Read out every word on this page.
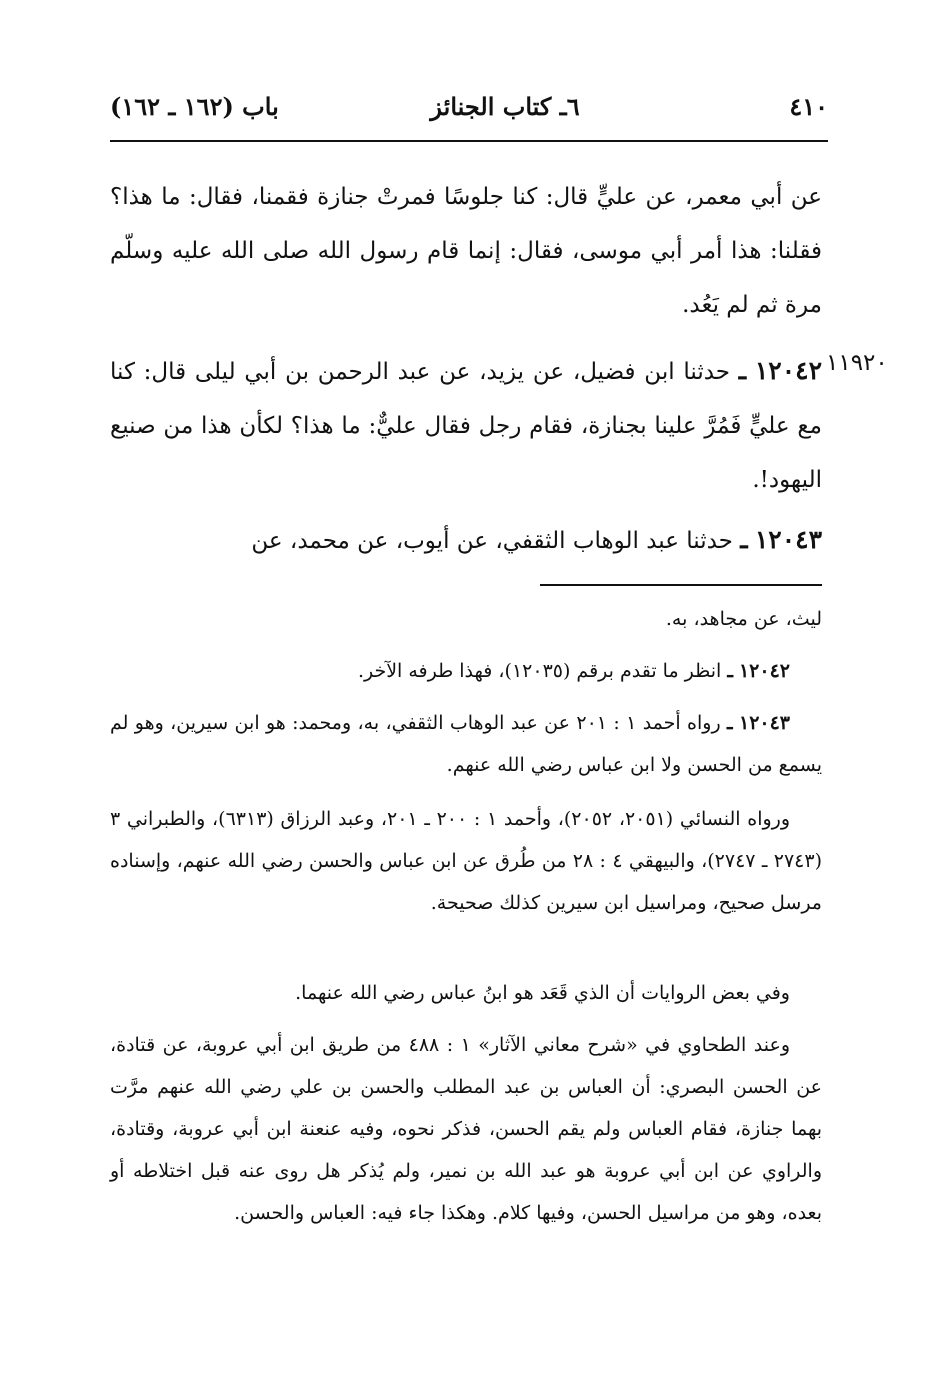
٤١٠
٦ـ كتاب الجنائز
باب (١٦٢ ـ ١٦٢)
عن أبي معمر، عن عليٍّ قال: كنا جلوسًا فمرتْ جنازة فقمنا، فقال: ما هذا؟ فقلنا: هذا أمر أبي موسى، فقال: إنما قام رسول الله صلى الله عليه وسلّم مرة ثم لم يَعُد.
١١٩٢٠
١٢٠٤٢ ـ حدثنا ابن فضيل، عن يزيد، عن عبد الرحمن بن أبي ليلى قال: كنا مع عليٍّ فَمُرَّ علينا بجنازة، فقام رجل فقال عليٌّ: ما هذا؟ لكأن هذا من صنيع اليهود!.
١٢٠٤٣ ـ حدثنا عبد الوهاب الثقفي، عن أيوب، عن محمد، عن
ليث، عن مجاهد، به.
١٢٠٤٢ ـ انظر ما تقدم برقم (١٢٠٣٥)، فهذا طرفه الآخر.
١٢٠٤٣ ـ رواه أحمد ١ : ٢٠١ عن عبد الوهاب الثقفي، به، ومحمد: هو ابن سيرين، وهو لم يسمع من الحسن ولا ابن عباس رضي الله عنهم.
ورواه النسائي (٢٠٥١، ٢٠٥٢)، وأحمد ١ : ٢٠٠ ـ ٢٠١، وعبد الرزاق (٦٣١٣)، والطبراني ٣ (٢٧٤٣ ـ ٢٧٤٧)، والبيهقي ٤ : ٢٨ من طُرق عن ابن عباس والحسن رضي الله عنهم، وإسناده مرسل صحيح، ومراسيل ابن سيرين كذلك صحيحة.
وفي بعض الروايات أن الذي قَعَد هو ابنُ عباس رضي الله عنهما.
وعند الطحاوي في «شرح معاني الآثار» ١ : ٤٨٨ من طريق ابن أبي عروبة، عن قتادة، عن الحسن البصري: أن العباس بن عبد المطلب والحسن بن علي رضي الله عنهم مرَّت بهما جنازة، فقام العباس ولم يقم الحسن، فذكر نحوه، وفيه عنعنة ابن أبي عروبة، وقتادة، والراوي عن ابن أبي عروبة هو عبد الله بن نمير، ولم يُذكر هل روى عنه قبل اختلاطه أو بعده، وهو من مراسيل الحسن، وفيها كلام. وهكذا جاء فيه: العباس والحسن.
